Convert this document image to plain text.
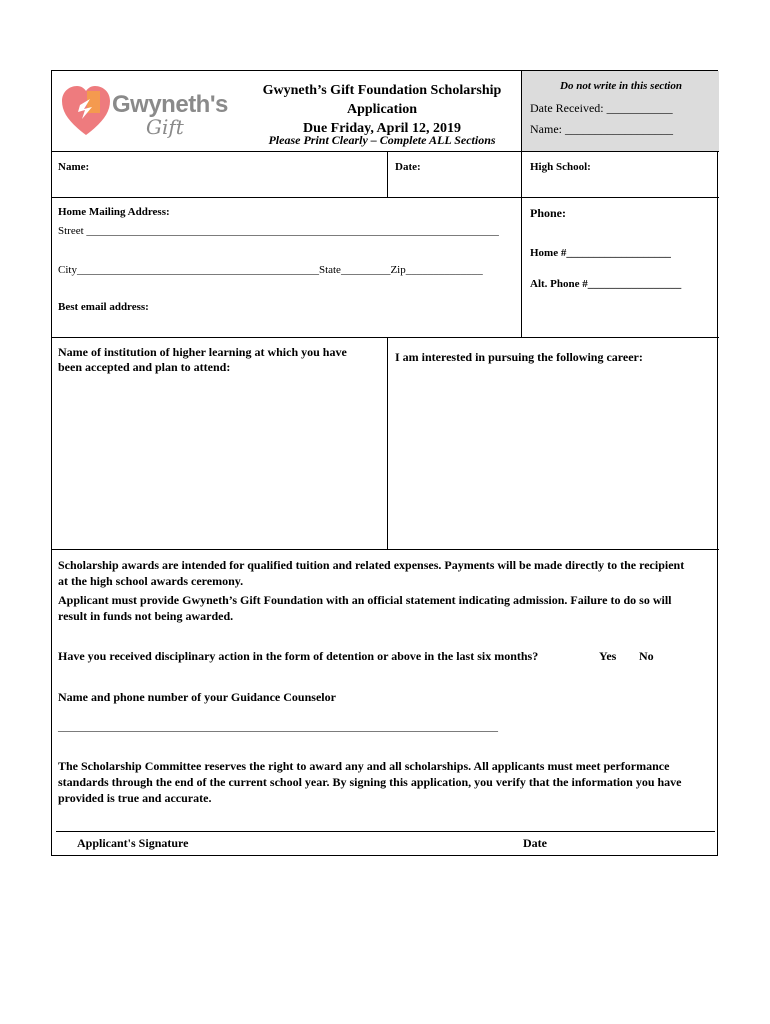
Gwyneth's
Gift
Gwyneth’s Gift Foundation Scholarship
Application
Due Friday, April 12, 2019
Please Print Clearly – Complete ALL Sections
Do not write in this section
Date Received: ___________
Name: __________________
Name:	Date:	High School:
Home Mailing Address:
Street ___________________________________________________________________________
City____________________________________________State_________Zip______________
Best email address:
Phone:
Home #___________________
Alt. Phone #_________________
Name of institution of higher learning at which you have
been accepted and plan to attend:
I am interested in pursuing the following career:
Scholarship awards are intended for qualified tuition and related expenses. Payments will be made directly to the recipient
at the high school awards ceremony.
Applicant must provide Gwyneth’s Gift Foundation with an official statement indicating admission. Failure to do so will
result in funds not being awarded.
Have you received disciplinary action in the form of detention or above in the last six months?	Yes No
Name and phone number of your Guidance Counselor
________________________________________________________________________________
The Scholarship Committee reserves the right to award any and all scholarships. All applicants must meet performance
standards through the end of the current school year. By signing this application, you verify that the information you have
provided is true and accurate.
Applicant's Signature	Date
